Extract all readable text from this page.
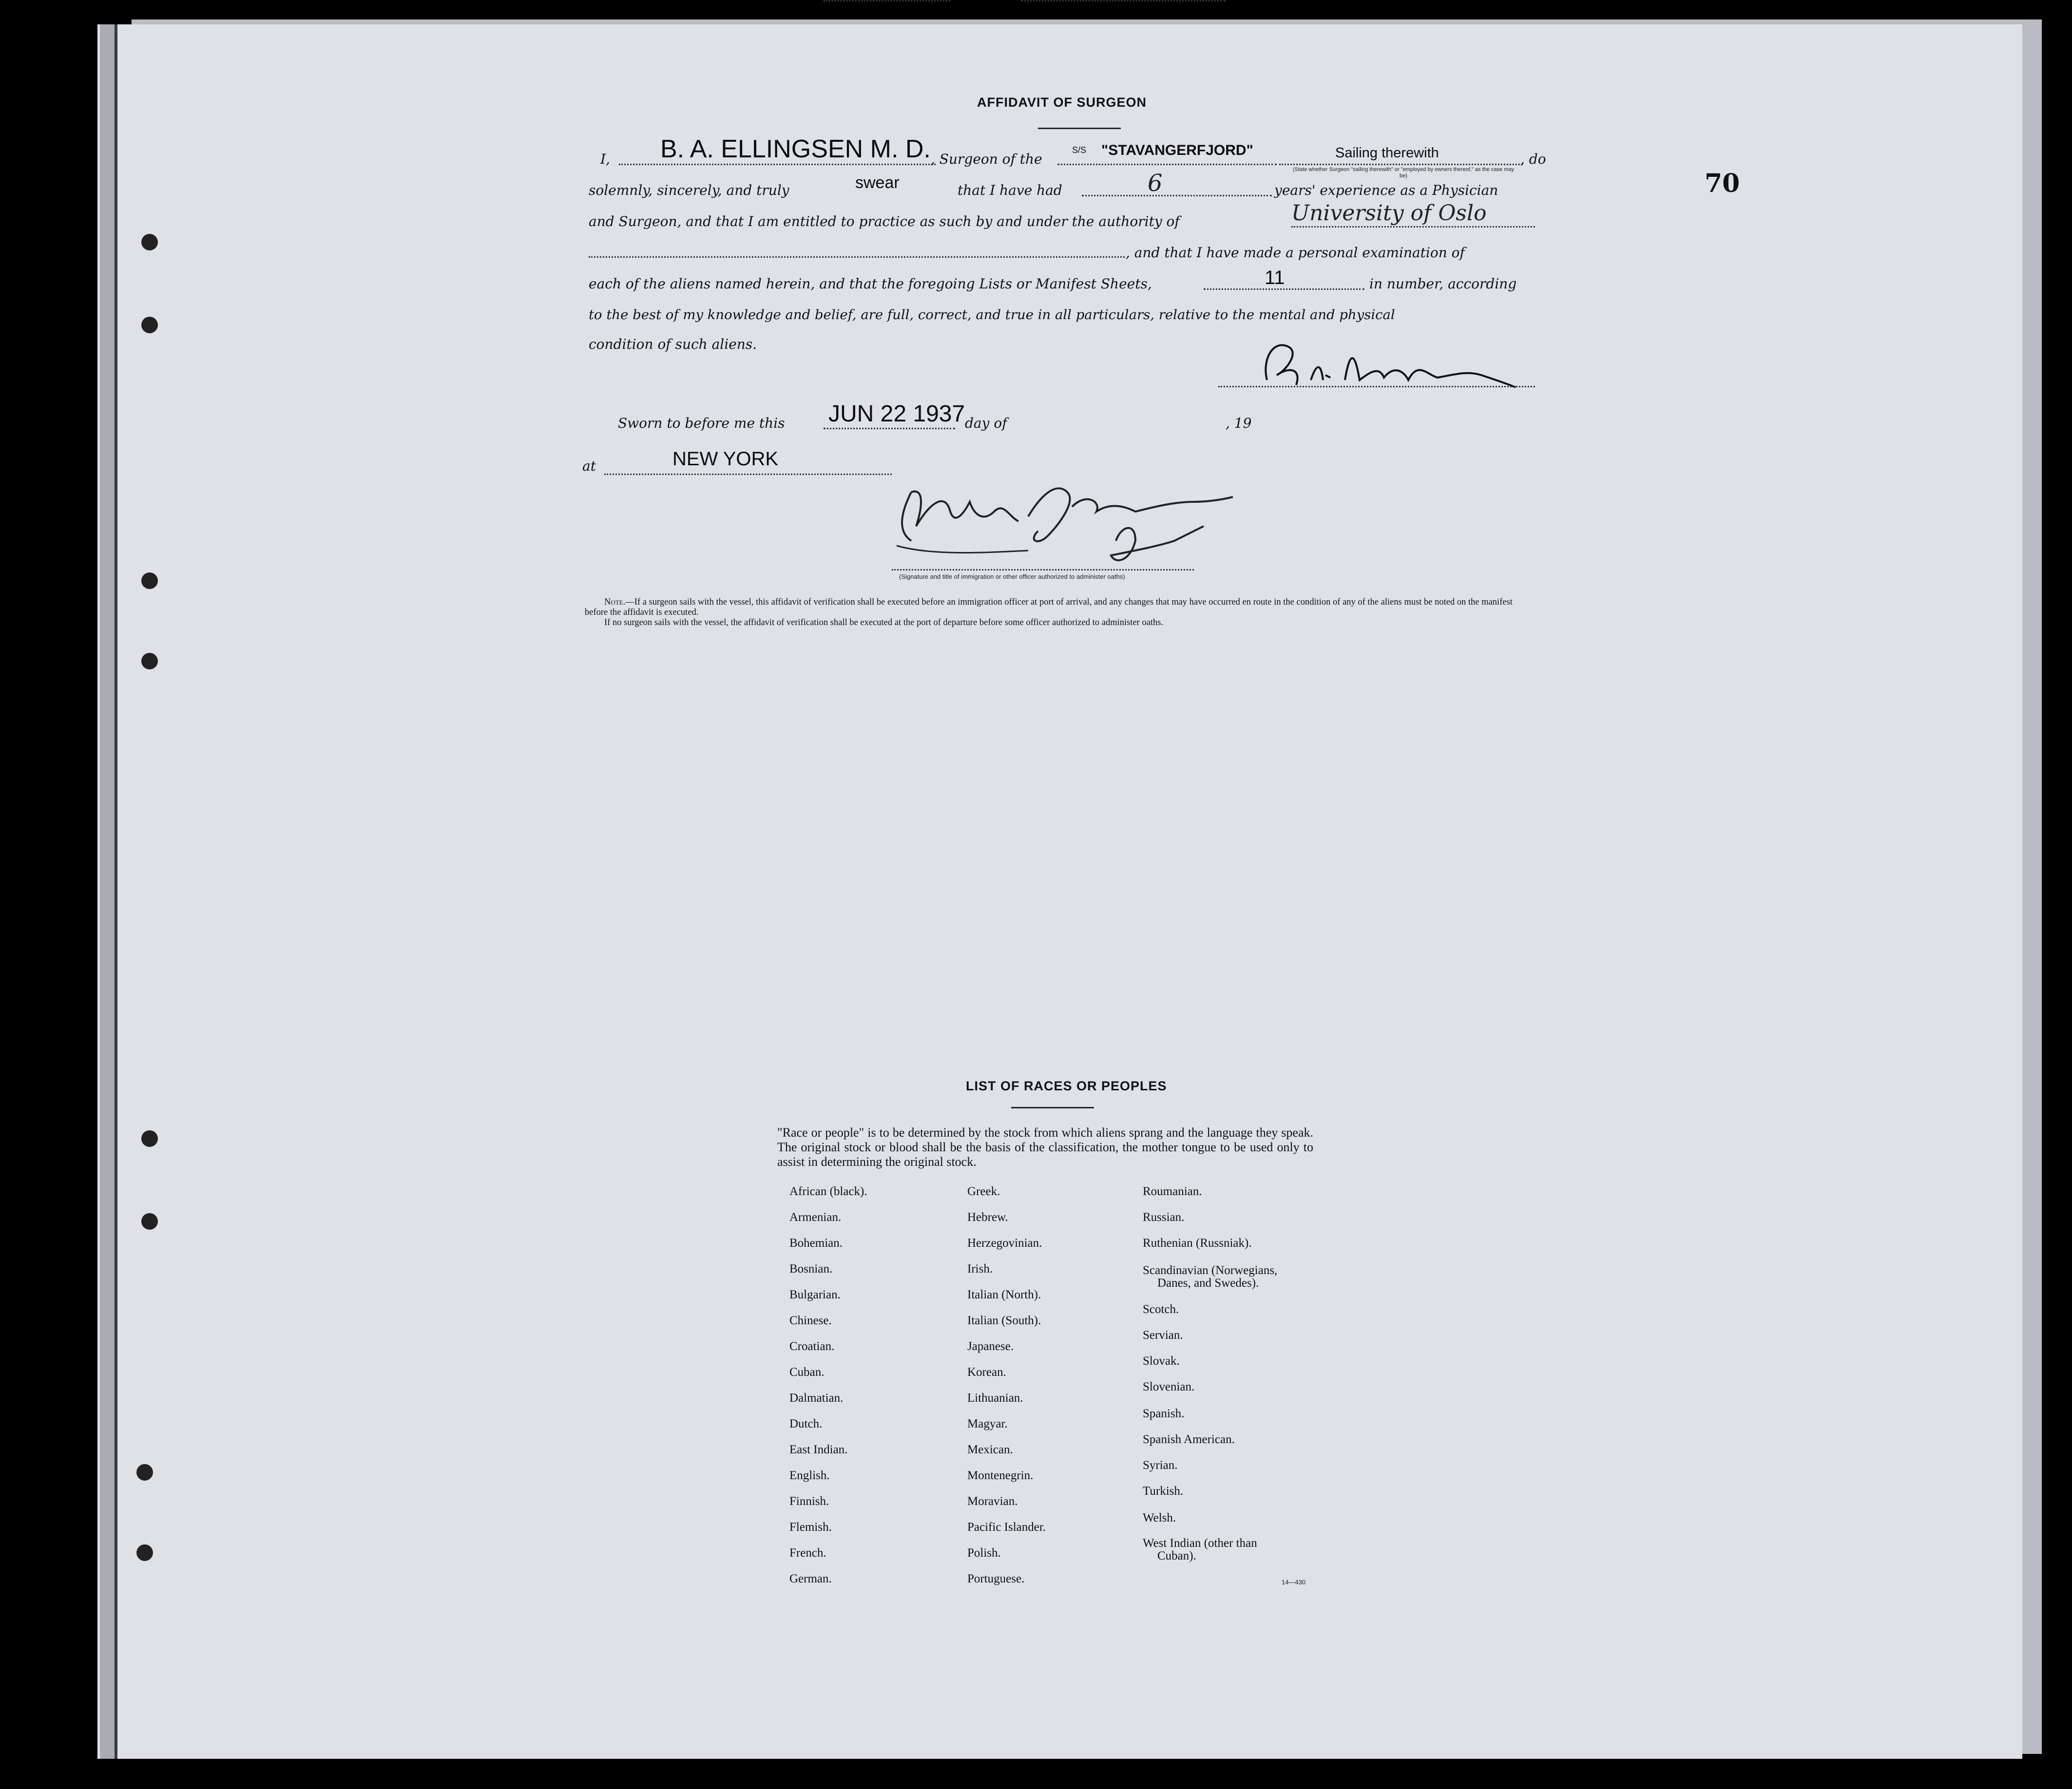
70
AFFIDAVIT OF SURGEON
I, B. A. ELLINGSEN M. D. , Surgeon of the
S/S "STAVANGERFJORD"	Sailing therewith
(State whether Surgeon "sailing therewith" or "employed by owners thereof," as the case may be)
, do
solemnly, sincerely, and truly	swear	that I have had	6	years' experience as a Physician
and Surgeon, and that I am entitled to practice as such by and under the authority of	University of Oslo
, and that I have made a personal examination of
each of the aliens named herein, and that the foregoing Lists or Manifest Sheets,	11	in number, according
to the best of my knowledge and belief, are full, correct, and true in all particulars, relative to the mental and physical
condition of such aliens.
Sworn to before me this JUN 22 1937 day of	, 19
at	NEW YORK
(Signature and title of immigration or other officer authorized to administer oaths)
Note.—If a surgeon sails with the vessel, this affidavit of verification shall be executed before an immigration officer at port of arrival, and any changes that may have occurred en route in the condition of any of the aliens must be noted on the manifest before the affidavit is executed.
If no surgeon sails with the vessel, the affidavit of verification shall be executed at the port of departure before some officer authorized to administer oaths.
LIST OF RACES OR PEOPLES
"Race or people" is to be determined by the stock from which aliens sprang and the language they speak. The original stock or blood shall be the basis of the classification, the mother tongue to be used only to assist in determining the original stock.
African (black).
Armenian.
Bohemian.
Bosnian.
Bulgarian.
Chinese.
Croatian.
Cuban.
Dalmatian.
Dutch.
East Indian.
English.
Finnish.
Flemish.
French.
German.
Greek.
Hebrew.
Herzegovinian.
Irish.
Italian (North).
Italian (South).
Japanese.
Korean.
Lithuanian.
Magyar.
Mexican.
Montenegrin.
Moravian.
Pacific Islander.
Polish.
Portuguese.
Roumanian.
Russian.
Ruthenian (Russniak).
Scandinavian (Norwegians,
Danes, and Swedes).
Scotch.
Servian.
Slovak.
Slovenian.
Spanish.
Spanish American.
Syrian.
Turkish.
Welsh.
West Indian (other than
Cuban).
14—430
